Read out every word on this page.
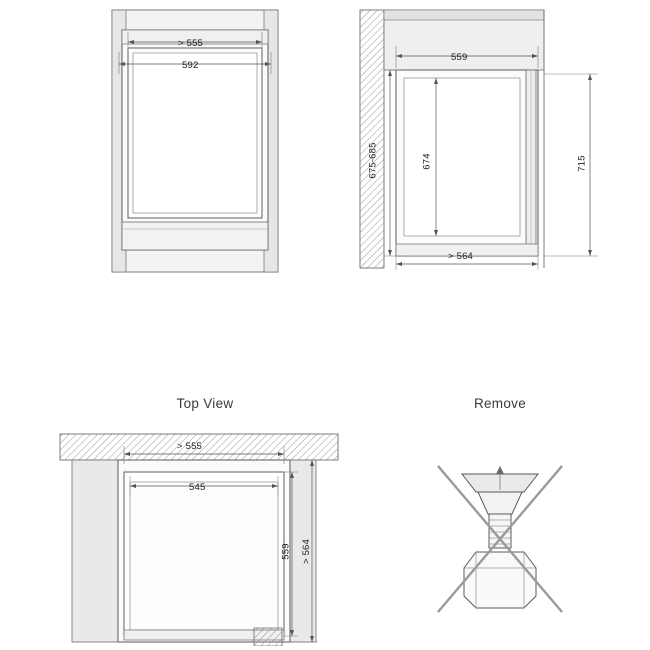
> 555
592
559
675-685	674	715
> 564
Top View
> 555
545
559 > 564
Remove
